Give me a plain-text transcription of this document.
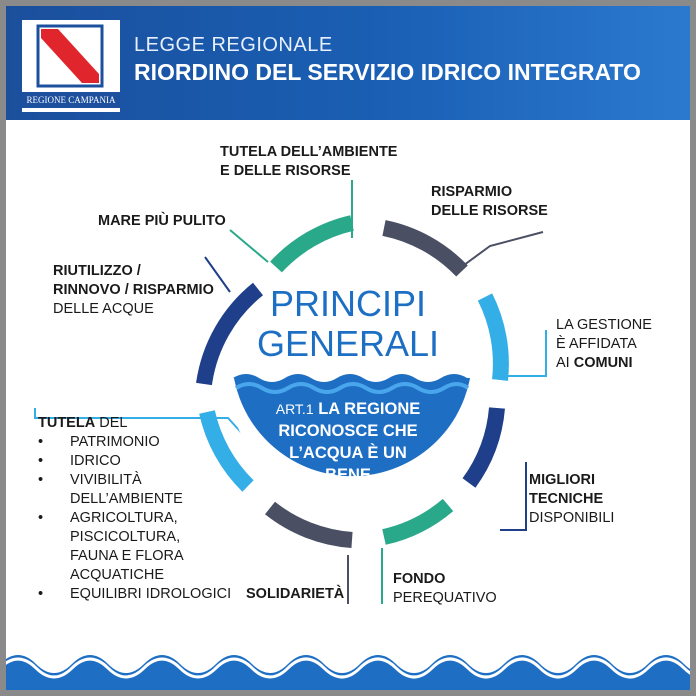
REGIONE CAMPANIA
LEGGE REGIONALE
RIORDINO DEL SERVIZIO IDRICO INTEGRATO
PRINCIPI
GENERALI
ART.1 LA REGIONE
RICONOSCE CHE
L’ACQUA È UN BENE
PUBBLICO
TUTELA DELL’AMBIENTE
E DELLE RISORSE
RISPARMIO
DELLE RISORSE
MARE PIÙ PULITO
RIUTILIZZO /
RINNOVO / RISPARMIO
DELLE ACQUE
LA GESTIONE
È AFFIDATA
AI COMUNI
MIGLIORI
TECNICHE
DISPONIBILI
FONDO
PEREQUATIVO
SOLIDARIETÀ
TUTELA DEL
• PATRIMONIO
• IDRICO
• VIVIBILITÀ
DELL’AMBIENTE
• AGRICOLTURA,
PISCICOLTURA,
FAUNA E FLORA
ACQUATICHE
• EQUILIBRI IDROLOGICI
